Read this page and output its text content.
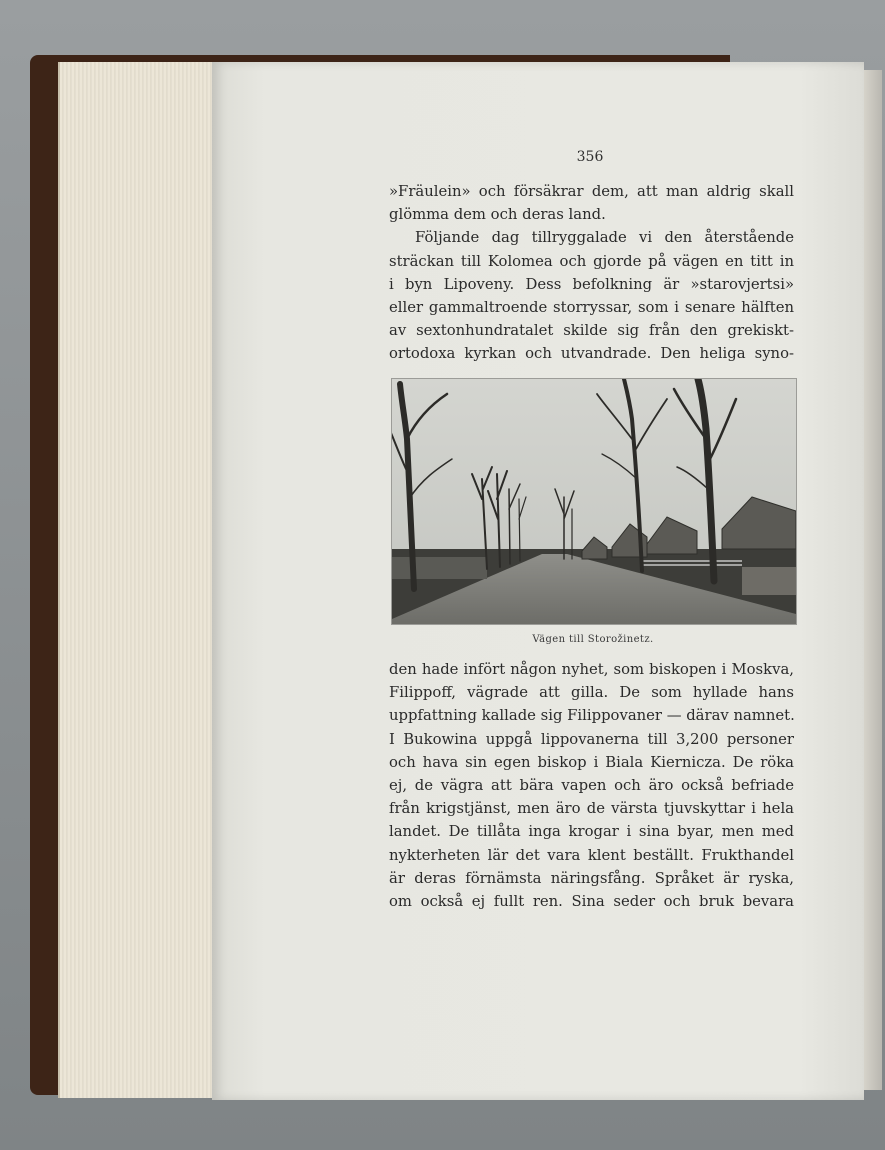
356
»Fräulein» och försäkrar dem, att man aldrig skall
glömma dem och deras land.
Följande dag tillryggalade vi den återstående
sträckan till Kolomea och gjorde på vägen en titt in
i byn Lipoveny. Dess befolkning är »starovjertsi»
eller gammaltroende storryssar, som i senare hälften
av sextonhundratalet skilde sig från den grekiskt-
ortodoxa kyrkan och utvandrade. Den heliga syno-
Vägen till Storožinetz.
den hade infört någon nyhet, som biskopen i Moskva,
Filippoff, vägrade att gilla. De som hyllade hans
uppfattning kallade sig Filippovaner — därav namnet.
I Bukowina uppgå lippovanerna till 3,200 personer
och hava sin egen biskop i Biala Kiernicza. De röka
ej, de vägra att bära vapen och äro också befriade
från krigstjänst, men äro de värsta tjuvskyttar i hela
landet. De tillåta inga krogar i sina byar, men med
nykterheten lär det vara klent beställt. Frukthandel
är deras förnämsta näringsfång. Språket är ryska,
om också ej fullt ren. Sina seder och bruk bevara
